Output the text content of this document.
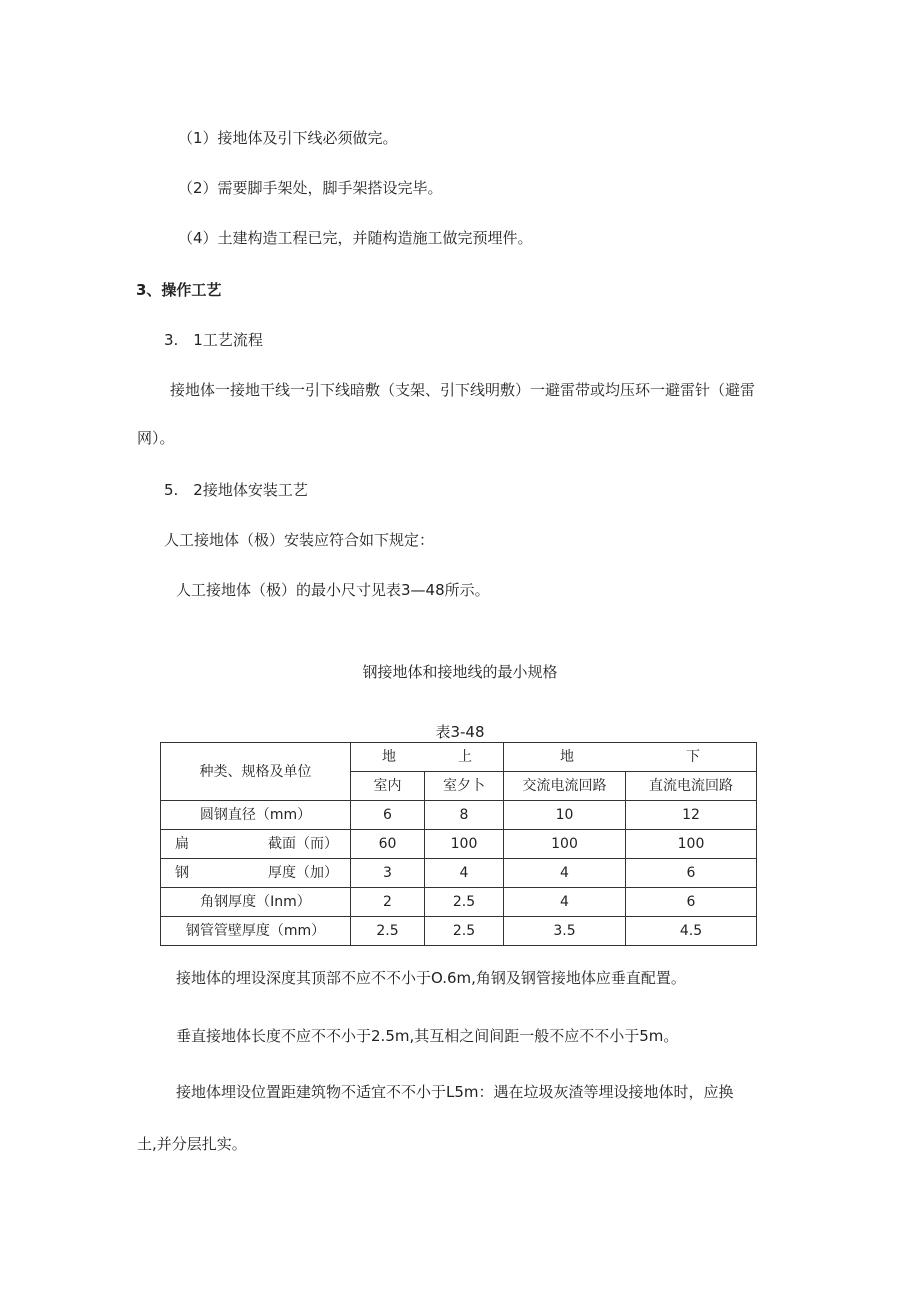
（1）接地体及引下线必须做完。
（2）需要脚手架处，脚手架搭设完毕。
（4）土建构造工程已完，并随构造施工做完预埋件。
3、操作工艺
3.　1工艺流程
接地体一接地干线一引下线暗敷（支架、引下线明敷）一避雷带或均压环一避雷针（避雷
网）。
5.　2接地体安装工艺
人工接地体（极）安装应符合如下规定：
人工接地体（极）的最小尺寸见表3—48所示。
钢接地体和接地线的最小规格
表3-48
种类、规格及单位	地 上		地 下	

	室内	室夕卜	交流电流回路	直流电流回路
圆钢直径（mm）	6	8	10	12

扁 截面（而）	60	100	100	100

钢 厚度（加）	3	4	4	6
角钢厚度（Inm）	2	2.5	4	6
钢管管壁厚度（mm）	2.5	2.5	3.5	4.5
接地体的埋设深度其顶部不应不不小于O.6m,角钢及钢管接地体应垂直配置。
垂直接地体长度不应不不小于2.5m,其互相之间间距一般不应不不小于5m。
接地体埋设位置距建筑物不适宜不不小于L5m：遇在垃圾灰渣等埋设接地体时，应换
土,并分层扎实。
